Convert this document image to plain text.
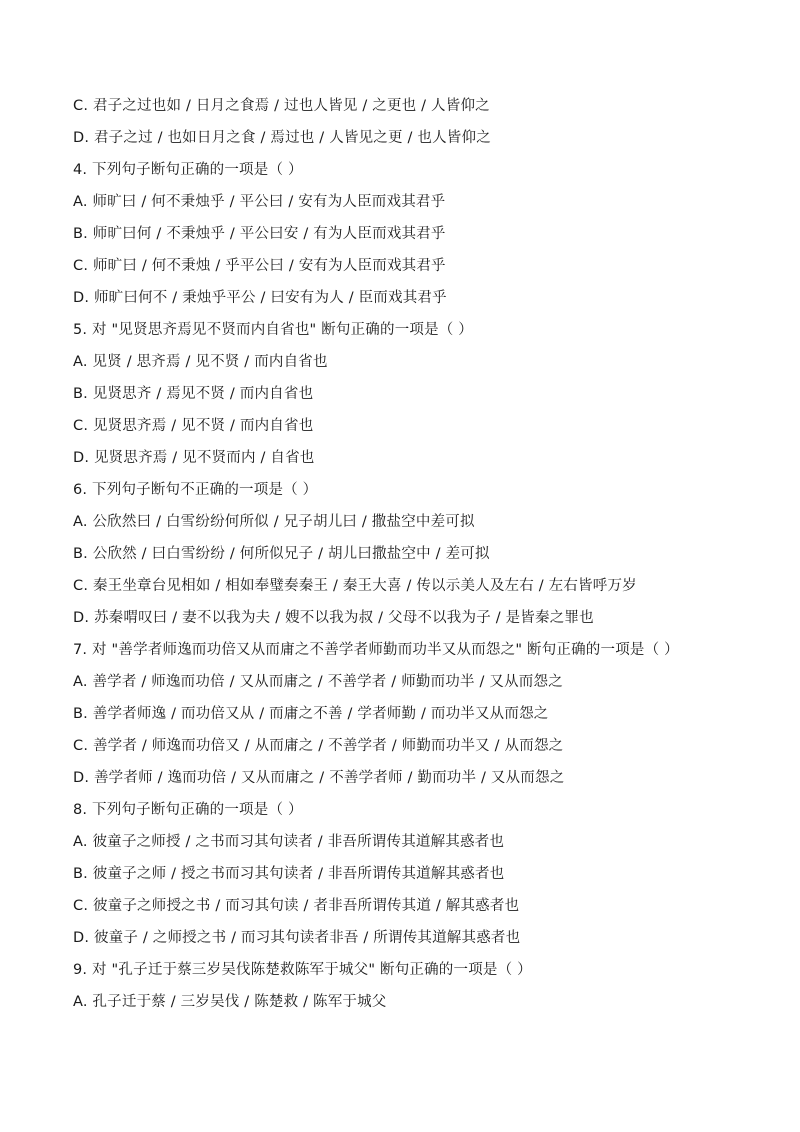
C. 君子之过也如 / 日月之食焉 / 过也人皆见 / 之更也 / 人皆仰之
D. 君子之过 / 也如日月之食 / 焉过也 / 人皆见之更 / 也人皆仰之
4. 下列句子断句正确的一项是（ ）
A. 师旷曰 / 何不秉烛乎 / 平公曰 / 安有为人臣而戏其君乎
B. 师旷曰何 / 不秉烛乎 / 平公曰安 / 有为人臣而戏其君乎
C. 师旷曰 / 何不秉烛 / 乎平公曰 / 安有为人臣而戏其君乎
D. 师旷曰何不 / 秉烛乎平公 / 曰安有为人 / 臣而戏其君乎
5. 对 "见贤思齐焉见不贤而内自省也" 断句正确的一项是（ ）
A. 见贤 / 思齐焉 / 见不贤 / 而内自省也
B. 见贤思齐 / 焉见不贤 / 而内自省也
C. 见贤思齐焉 / 见不贤 / 而内自省也
D. 见贤思齐焉 / 见不贤而内 / 自省也
6. 下列句子断句不正确的一项是（ ）
A. 公欣然曰 / 白雪纷纷何所似 / 兄子胡儿曰 / 撒盐空中差可拟
B. 公欣然 / 曰白雪纷纷 / 何所似兄子 / 胡儿曰撒盐空中 / 差可拟
C. 秦王坐章台见相如 / 相如奉璧奏秦王 / 秦王大喜 / 传以示美人及左右 / 左右皆呼万岁
D. 苏秦喟叹曰 / 妻不以我为夫 / 嫂不以我为叔 / 父母不以我为子 / 是皆秦之罪也
7. 对 "善学者师逸而功倍又从而庸之不善学者师勤而功半又从而怨之" 断句正确的一项是（ ）
A. 善学者 / 师逸而功倍 / 又从而庸之 / 不善学者 / 师勤而功半 / 又从而怨之
B. 善学者师逸 / 而功倍又从 / 而庸之不善 / 学者师勤 / 而功半又从而怨之
C. 善学者 / 师逸而功倍又 / 从而庸之 / 不善学者 / 师勤而功半又 / 从而怨之
D. 善学者师 / 逸而功倍 / 又从而庸之 / 不善学者师 / 勤而功半 / 又从而怨之
8. 下列句子断句正确的一项是（ ）
A. 彼童子之师授 / 之书而习其句读者 / 非吾所谓传其道解其惑者也
B. 彼童子之师 / 授之书而习其句读者 / 非吾所谓传其道解其惑者也
C. 彼童子之师授之书 / 而习其句读 / 者非吾所谓传其道 / 解其惑者也
D. 彼童子 / 之师授之书 / 而习其句读者非吾 / 所谓传其道解其惑者也
9. 对 "孔子迁于蔡三岁吴伐陈楚救陈军于城父" 断句正确的一项是（ ）
A. 孔子迁于蔡 / 三岁吴伐 / 陈楚救 / 陈军于城父
